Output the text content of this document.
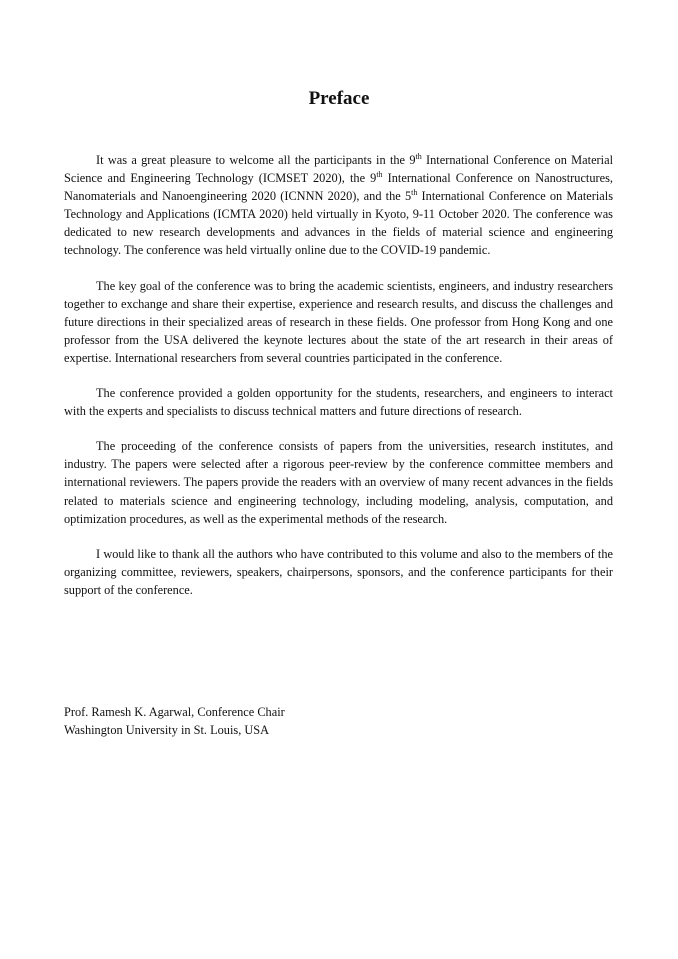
Preface

It was a great pleasure to welcome all the participants in the 9th International Conference on Material Science and Engineering Technology (ICMSET 2020), the 9th International Conference on Nanostructures, Nanomaterials and Nanoengineering 2020 (ICNNN 2020), and the 5th International Conference on Materials Technology and Applications (ICMTA 2020) held virtually in Kyoto, 9-11 October 2020. The conference was dedicated to new research developments and advances in the fields of material science and engineering technology. The conference was held virtually online due to the COVID-19 pandemic.

The key goal of the conference was to bring the academic scientists, engineers, and industry researchers together to exchange and share their expertise, experience and research results, and discuss the challenges and future directions in their specialized areas of research in these fields. One professor from Hong Kong and one professor from the USA delivered the keynote lectures about the state of the art research in their areas of expertise. International researchers from several countries participated in the conference.

The conference provided a golden opportunity for the students, researchers, and engineers to interact with the experts and specialists to discuss technical matters and future directions of research.

The proceeding of the conference consists of papers from the universities, research institutes, and industry. The papers were selected after a rigorous peer-review by the conference committee members and international reviewers. The papers provide the readers with an overview of many recent advances in the fields related to materials science and engineering technology, including modeling, analysis, computation, and optimization procedures, as well as the experimental methods of the research.

I would like to thank all the authors who have contributed to this volume and also to the members of the organizing committee, reviewers, speakers, chairpersons, sponsors, and the conference participants for their support of the conference.

Prof. Ramesh K. Agarwal, Conference Chair
Washington University in St. Louis, USA
